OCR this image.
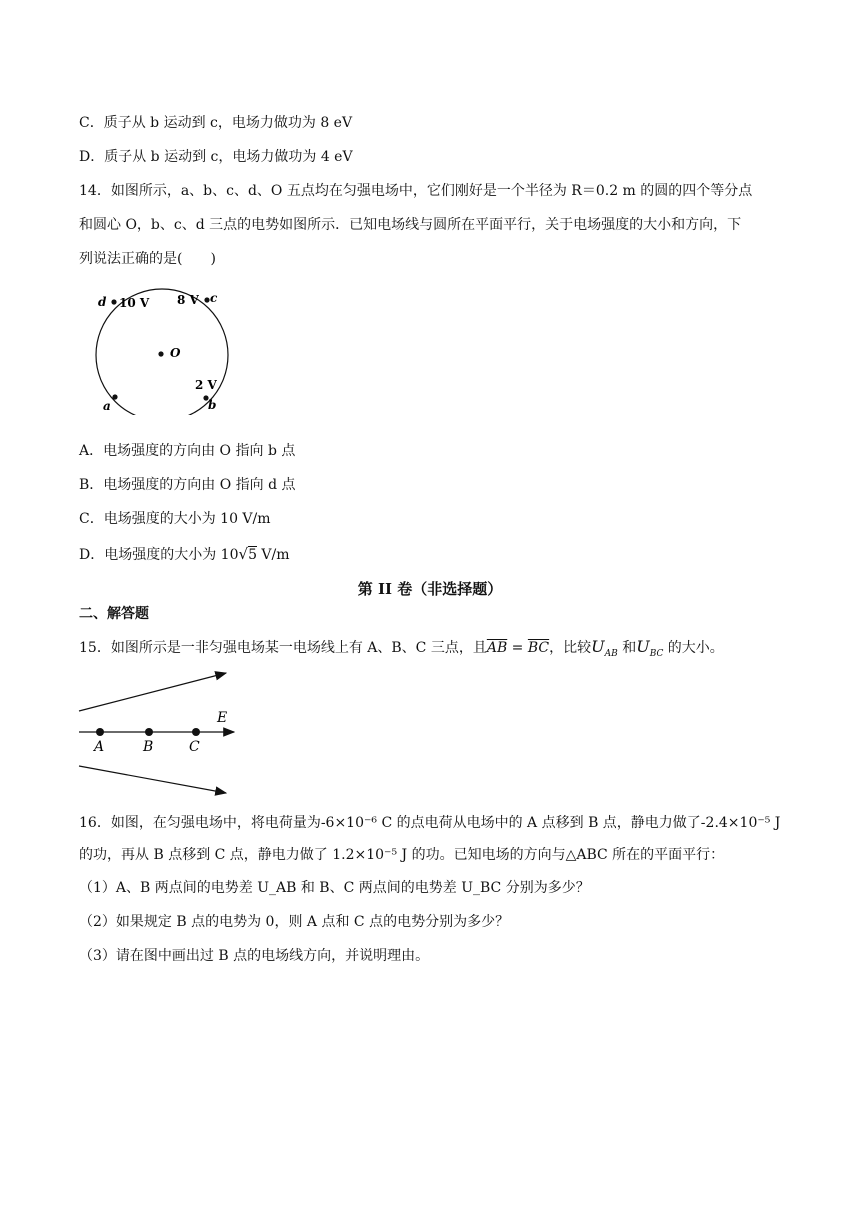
C．质子从 b 运动到 c，电场力做功为 8 eV
D．质子从 b 运动到 c，电场力做功为 4 eV
14．如图所示，a、b、c、d、O 五点均在匀强电场中，它们刚好是一个半径为 R＝0.2 m 的圆的四个等分点
和圆心 O，b、c、d 三点的电势如图所示．已知电场线与圆所在平面平行，关于电场强度的大小和方向，下
列说法正确的是(　　)
d 10 V 8 V c
O
2 V
a	b
A．电场强度的方向由 O 指向 b 点
B．电场强度的方向由 O 指向 d 点
C．电场强度的大小为 10 V/m
D．电场强度的大小为 10√5 V/m
第 II 卷（非选择题）
二、解答题
15．如图所示是一非匀强电场某一电场线上有 A、B、C 三点，且$\overline{AB} = \overline{BC}$，比较$U_{AB}$ 和$U_{BC}$ 的大小。
E
A	B	C
16．如图，在匀强电场中，将电荷量为-6×10⁻⁶ C 的点电荷从电场中的 A 点移到 B 点，静电力做了-2.4×10⁻⁵ J
的功，再从 B 点移到 C 点，静电力做了 1.2×10⁻⁵ J 的功。已知电场的方向与△ABC 所在的平面平行：
（1）A、B 两点间的电势差 U_AB 和 B、C 两点间的电势差 U_BC 分别为多少？
（2）如果规定 B 点的电势为 0，则 A 点和 C 点的电势分别为多少？
（3）请在图中画出过 B 点的电场线方向，并说明理由。
